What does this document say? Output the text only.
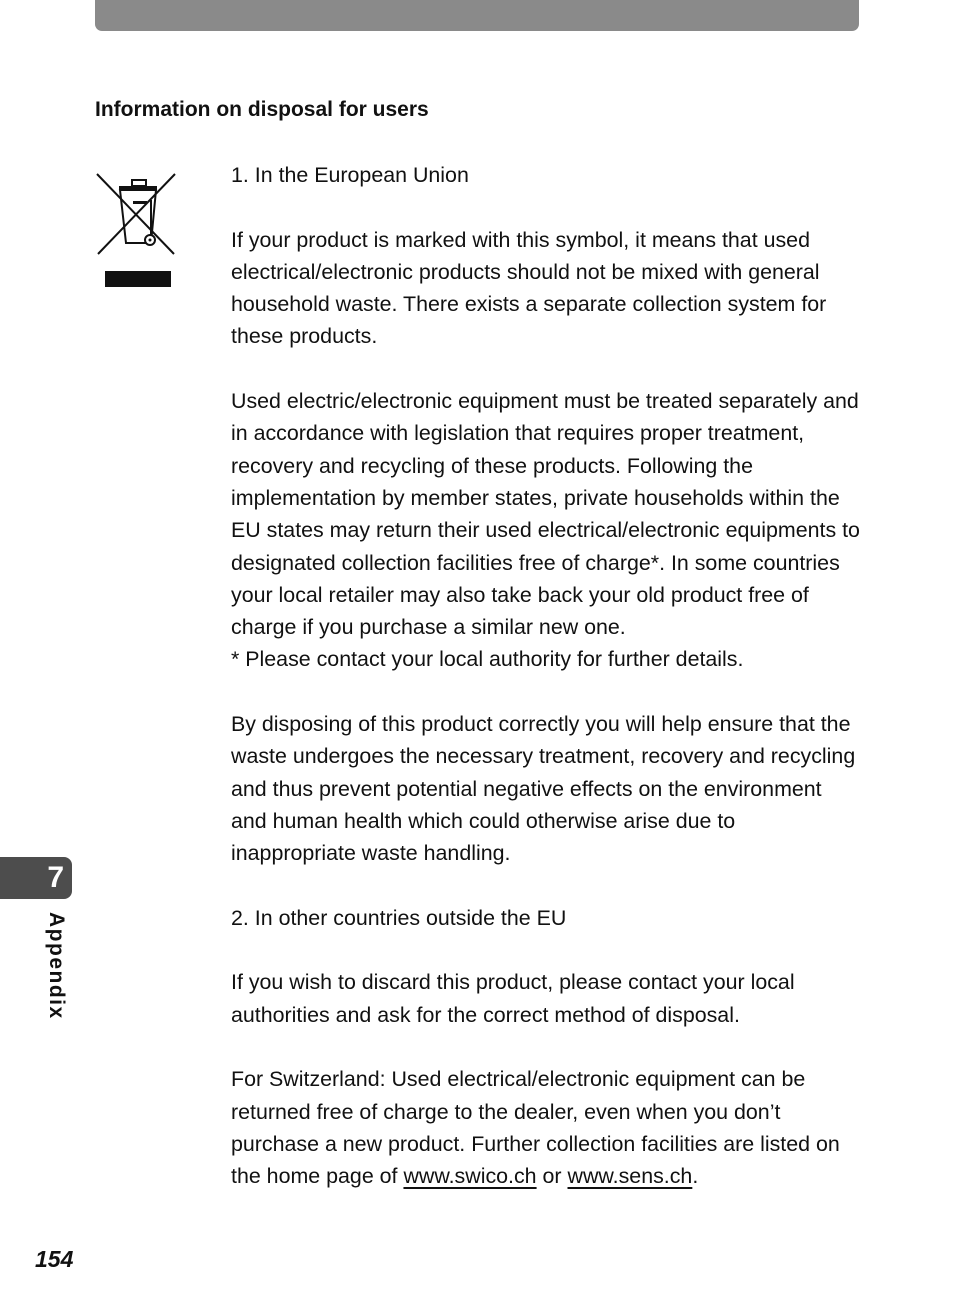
Information on disposal for users

1. In the European Union

If your product is marked with this symbol, it means that used electrical/electronic products should not be mixed with general household waste. There exists a separate collection system for these products.

Used electric/electronic equipment must be treated separately and in accordance with legislation that requires proper treatment, recovery and recycling of these products. Following the implementation by member states, private households within the EU states may return their used electrical/electronic equipments to designated collection facilities free of charge*. In some countries your local retailer may also take back your old product free of charge if you purchase a similar new one.

* Please contact your local authority for further details.

By disposing of this product correctly you will help ensure that the waste undergoes the necessary treatment, recovery and recycling and thus prevent potential negative effects on the environment and human health which could otherwise arise due to inappropriate waste handling.

2. In other countries outside the EU

If you wish to discard this product, please contact your local authorities and ask for the correct method of disposal.

For Switzerland: Used electrical/electronic equipment can be returned free of charge to the dealer, even when you don’t purchase a new product. Further collection facilities are listed on the home page of www.swico.ch or www.sens.ch.

7
Appendix
154
